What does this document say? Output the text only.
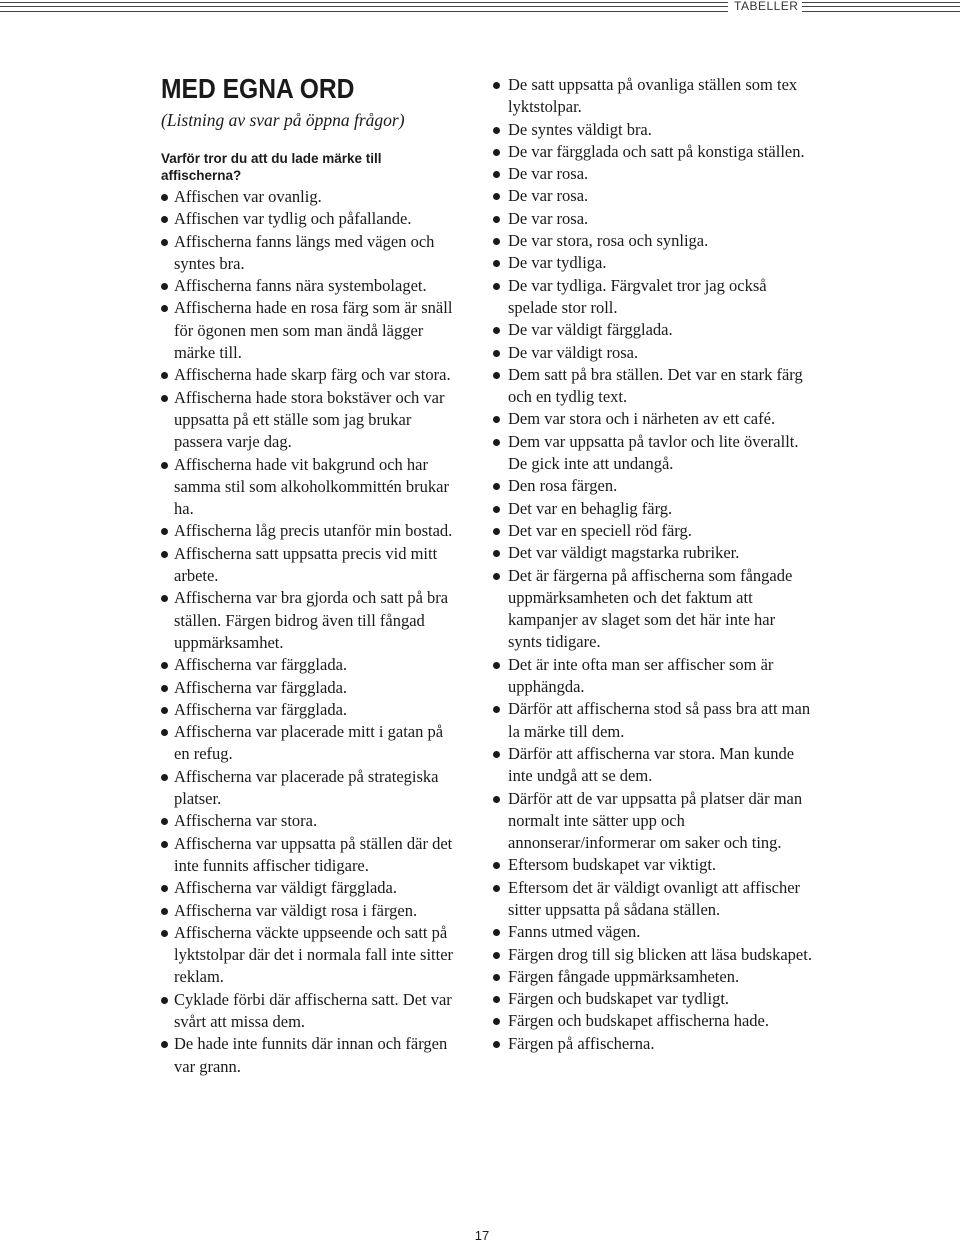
TABELLER
MED EGNA ORD

(Listning av svar på öppna frågor)

Varför tror du att du lade märke till affischerna?

Affischen var ovanlig.
Affischen var tydlig och påfallande.
Affischerna fanns längs med vägen och syntes bra.
Affischerna fanns nära systembolaget.
Affischerna hade en rosa färg som är snäll för ögonen men som man ändå lägger märke till.
Affischerna hade skarp färg och var stora.
Affischerna hade stora bokstäver och var uppsatta på ett ställe som jag brukar passera varje dag.
Affischerna hade vit bakgrund och har samma stil som alkoholkommittén brukar ha.
Affischerna låg precis utanför min bostad.
Affischerna satt uppsatta precis vid mitt arbete.
Affischerna var bra gjorda och satt på bra ställen. Färgen bidrog även till fångad uppmärksamhet.
Affischerna var färgglada.
Affischerna var färgglada.
Affischerna var färgglada.
Affischerna var placerade mitt i gatan på en refug.
Affischerna var placerade på strategiska platser.
Affischerna var stora.
Affischerna var uppsatta på ställen där det inte funnits affischer tidigare.
Affischerna var väldigt färgglada.
Affischerna var väldigt rosa i färgen.
Affischerna väckte uppseende och satt på lyktstolpar där det i normala fall inte sitter reklam.
Cyklade förbi där affischerna satt. Det var svårt att missa dem.
De hade inte funnits där innan och färgen var grann.
De satt uppsatta på ovanliga ställen som tex lyktstolpar.
De syntes väldigt bra.
De var färgglada och satt på konstiga ställen.
De var rosa.
De var rosa.
De var rosa.
De var stora, rosa och synliga.
De var tydliga.
De var tydliga. Färgvalet tror jag också spelade stor roll.
De var väldigt färgglada.
De var väldigt rosa.
Dem satt på bra ställen. Det var en stark färg och en tydlig text.
Dem var stora och i närheten av ett café.
Dem var uppsatta på tavlor och lite överallt. De gick inte att undangå.
Den rosa färgen.
Det var en behaglig färg.
Det var en speciell röd färg.
Det var väldigt magstarka rubriker.
Det är färgerna på affischerna som fångade uppmärksamheten och det faktum att kampanjer av slaget som det här inte har synts tidigare.
Det är inte ofta man ser affischer som är upphängda.
Därför att affischerna stod så pass bra att man la märke till dem.
Därför att affischerna var stora. Man kunde inte undgå att se dem.
Därför att de var uppsatta på platser där man normalt inte sätter upp och annonserar/informerar om saker och ting.
Eftersom budskapet var viktigt.
Eftersom det är väldigt ovanligt att affischer sitter uppsatta på sådana ställen.
Fanns utmed vägen.
Färgen drog till sig blicken att läsa budskapet.
Färgen fångade uppmärksamheten.
Färgen och budskapet var tydligt.
Färgen och budskapet affischerna hade.
Färgen på affischerna.
17
